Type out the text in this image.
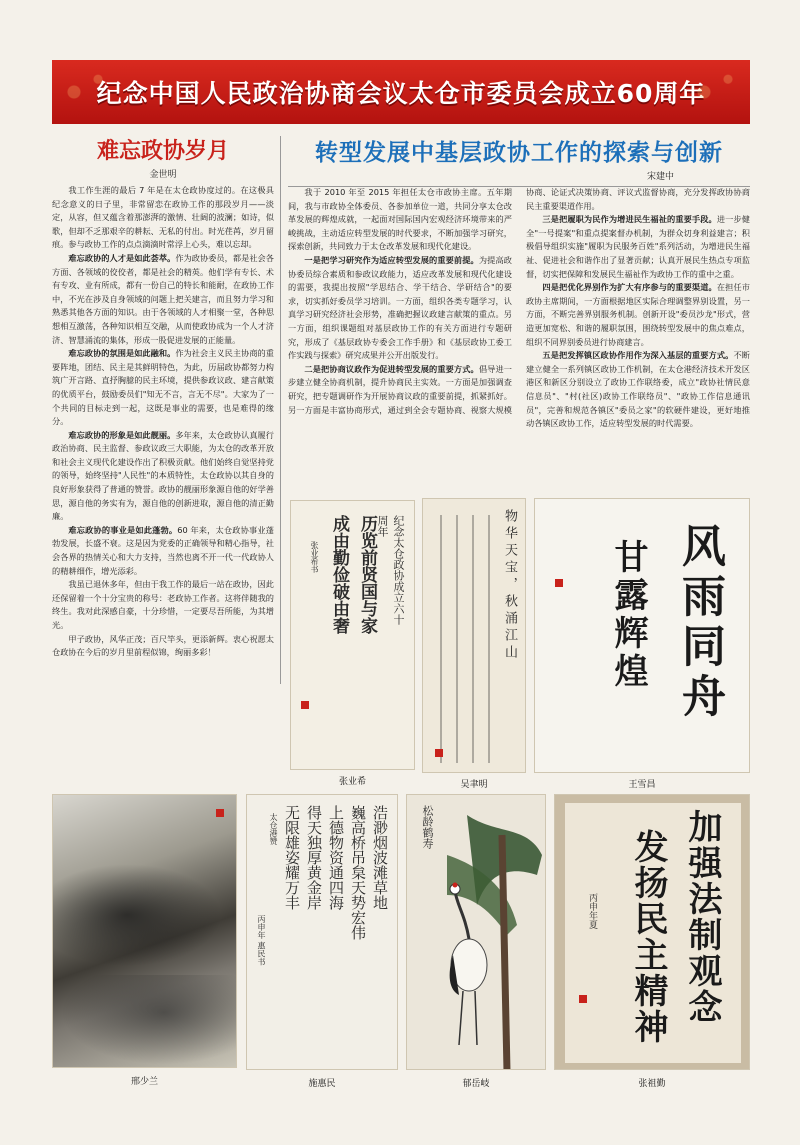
纪念中国人民政治协商会议太仓市委员会成立60周年
难忘政协岁月
金世明

我工作生涯的最后 7 年是在太仓政协度过的。在这极具纪念意义的日子里，非常留恋在政协工作的那段岁月——淡定，从容，但又蕴含着那澎湃的激情、壮阔的波澜；如诗，似歌，但却不乏那艰辛的耕耘、无私的付出。时光荏苒，岁月留痕。参与政协工作的点点滴滴时常浮上心头，难以忘却。

难忘政协的人才是如此荟萃。作为政协委员，都是社会各方面、各领域的佼佼者，都是社会的精英。他们学有专长、术有专攻、业有所成，都有一份自己的特长和能耐，在政协工作中，不光在涉及自身领域的问题上把关建言，而且努力学习和熟悉其他各方面的知识。由于各领域的人才相聚一堂，各种思想相互激荡，各种知识相互交融，从而使政协成为一个人才济济、智慧涌流的集体，形成一股促进发展的正能量。

难忘政协的氛围是如此融和。作为社会主义民主协商的重要阵地，团结、民主是其鲜明特色，为此，历届政协都努力构筑广开言路、直抒胸臆的民主环境，提供参政议政、建言献策的优质平台，鼓励委员们"知无不言，言无不尽"。大家为了一个共同的目标走到一起，这既是事业的需要，也是难得的缘分。

难忘政协的形象是如此靓丽。多年来，太仓政协认真履行政治协商、民主监督、参政议政三大职能，为太仓的改革开放和社会主义现代化建设作出了积极贡献。他们始终自觉坚持党的领导，始终坚持"人民性"的本质特性，太仓政协以其自身的良好形象获得了普通的赞誉。政协的靓丽形象源自他的好学善思，源自他的务实有为，源自他的创新进取，源自他的清正勤廉。

难忘政协的事业是如此蓬勃。60 年来，太仓政协事业蓬勃发展，长盛不衰。这是因为党委的正确领导和精心指导，社会各界的热情关心和大力支持，当然也离不开一代一代政协人的精耕细作，增光添彩。

我虽已退休多年，但由于我工作的最后一站在政协，因此还保留着一个十分宝贵的称号：老政协工作者。这将伴随我的终生。我对此深感自豪，十分珍惜，一定要尽吾所能，为其增光。

甲子政协，风华正茂；百尺竿头，更添新辉。衷心祝愿太仓政协在今后的岁月里前程似锦，绚丽多彩！

转型发展中基层政协工作的探索与创新
宋建中

我于 2010 年至 2015 年担任太仓市政协主席。五年期间，我与市政协全体委员、各参加单位一道，共同分享太仓改革发展的辉煌成就，一起面对国际国内宏观经济环境带来的严峻挑战，主动适应转型发展的时代要求，不断加强学习研究，探索创新，共同致力于太仓改革发展和现代化建设。

一是把学习研究作为适应转型发展的重要前提。为提高政协委员综合素质和参政议政能力，适应改革发展和现代化建设的需要，我提出按照"学思结合、学干结合、学研结合"的要求，切实抓好委员学习培训。一方面，组织各类专题学习，认真学习研究经济社会形势，准确把握议政建言献策的重点。另一方面，组织课题组对基层政协工作的有关方面进行专题研究，形成了《基层政协专委会工作手册》和《基层政协工委工作实践与探索》研究成果并公开出版发行。

二是把协商议政作为促进转型发展的重要方式。倡导进一步建立健全协商机制，提升协商民主实效。一方面是加强调查研究，把专题调研作为开展协商议政的重要前提，抓紧抓好。另一方面是丰富协商形式，通过到全会专题协商、视察大规模协商、论证式决策协商、评议式监督协商，充分发挥政协协商民主重要渠道作用。

三是把履职为民作为增进民生福祉的重要手段。进一步健全"一号提案"和重点提案督办机制，为群众切身利益建言；积极倡导组织实施"履职为民服务百姓"系列活动，为增进民生福祉、促进社会和谐作出了显著贡献；认真开展民生热点专项监督，切实把保障和发展民生福祉作为政协工作的重中之重。

四是把优化界别作为扩大有序参与的重要渠道。在担任市政协主席期间，一方面根据地区实际合理调整界别设置，另一方面，不断完善界别服务机制。创新开设"委员沙龙"形式，营造更加宽松、和谐的履职氛围，围绕转型发展中的焦点难点，组织不同界别委员进行协商建言。

五是把发挥镇区政协作用作为深入基层的重要方式。不断建立健全一系列镇区政协工作机制，在太仓港经济技术开发区港区和新区分别设立了政协工作联络委，成立"政协社情民意信息员"、"村(社区)政协工作联络员"、"政协工作信息通讯员"，完善和规范各镇区"委员之家"的软硬件建设，更好地推动各镇区政协工作，适应转型发展的时代需要。

纪念太仓政协成立六十周年
历览前贤国与家
成由勤俭破由奢
张业希书
张业希
物华天宝，秋涌江山
吴聿明
风雨同舟
甘露辉煌
王雪昌
邢少兰
浩渺烟波滩草地
巍高桥吊枲天势宏伟
上德物资通四海
得天独厚黄金岸
无限雄姿耀万丰
太仓港赞
丙申年 惠民书
施惠民
松龄鹤寿
郁岳岐
加强法制观念
发扬民主精神
丙申年夏
张祖勤
